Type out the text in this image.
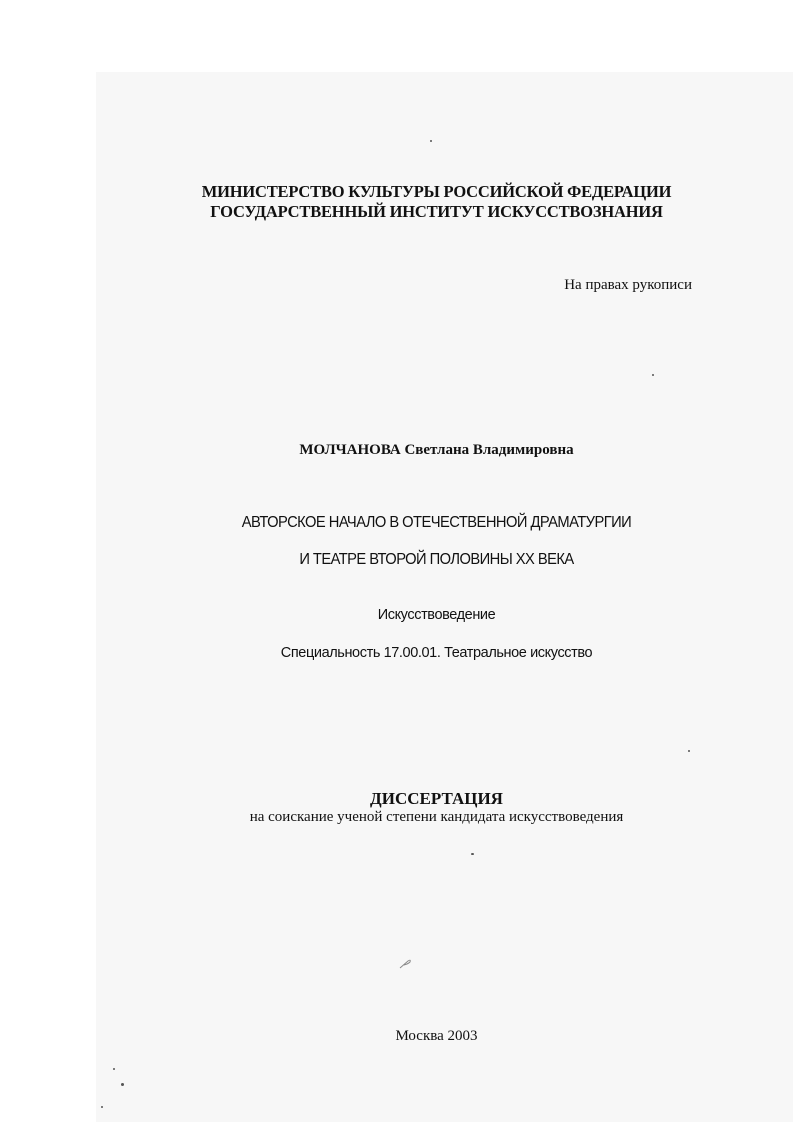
МИНИСТЕРСТВО КУЛЬТУРЫ РОССИЙСКОЙ ФЕДЕРАЦИИ
ГОСУДАРСТВЕННЫЙ ИНСТИТУТ ИСКУССТВОЗНАНИЯ
На правах рукописи
МОЛЧАНОВА Светлана Владимировна
АВТОРСКОЕ НАЧАЛО В ОТЕЧЕСТВЕННОЙ ДРАМАТУРГИИ
И ТЕАТРЕ ВТОРОЙ ПОЛОВИНЫ ХХ ВЕКА
Искусствоведение
Специальность 17.00.01. Театральное искусство
ДИССЕРТАЦИЯ
на соискание ученой степени кандидата искусствоведения
Москва 2003
